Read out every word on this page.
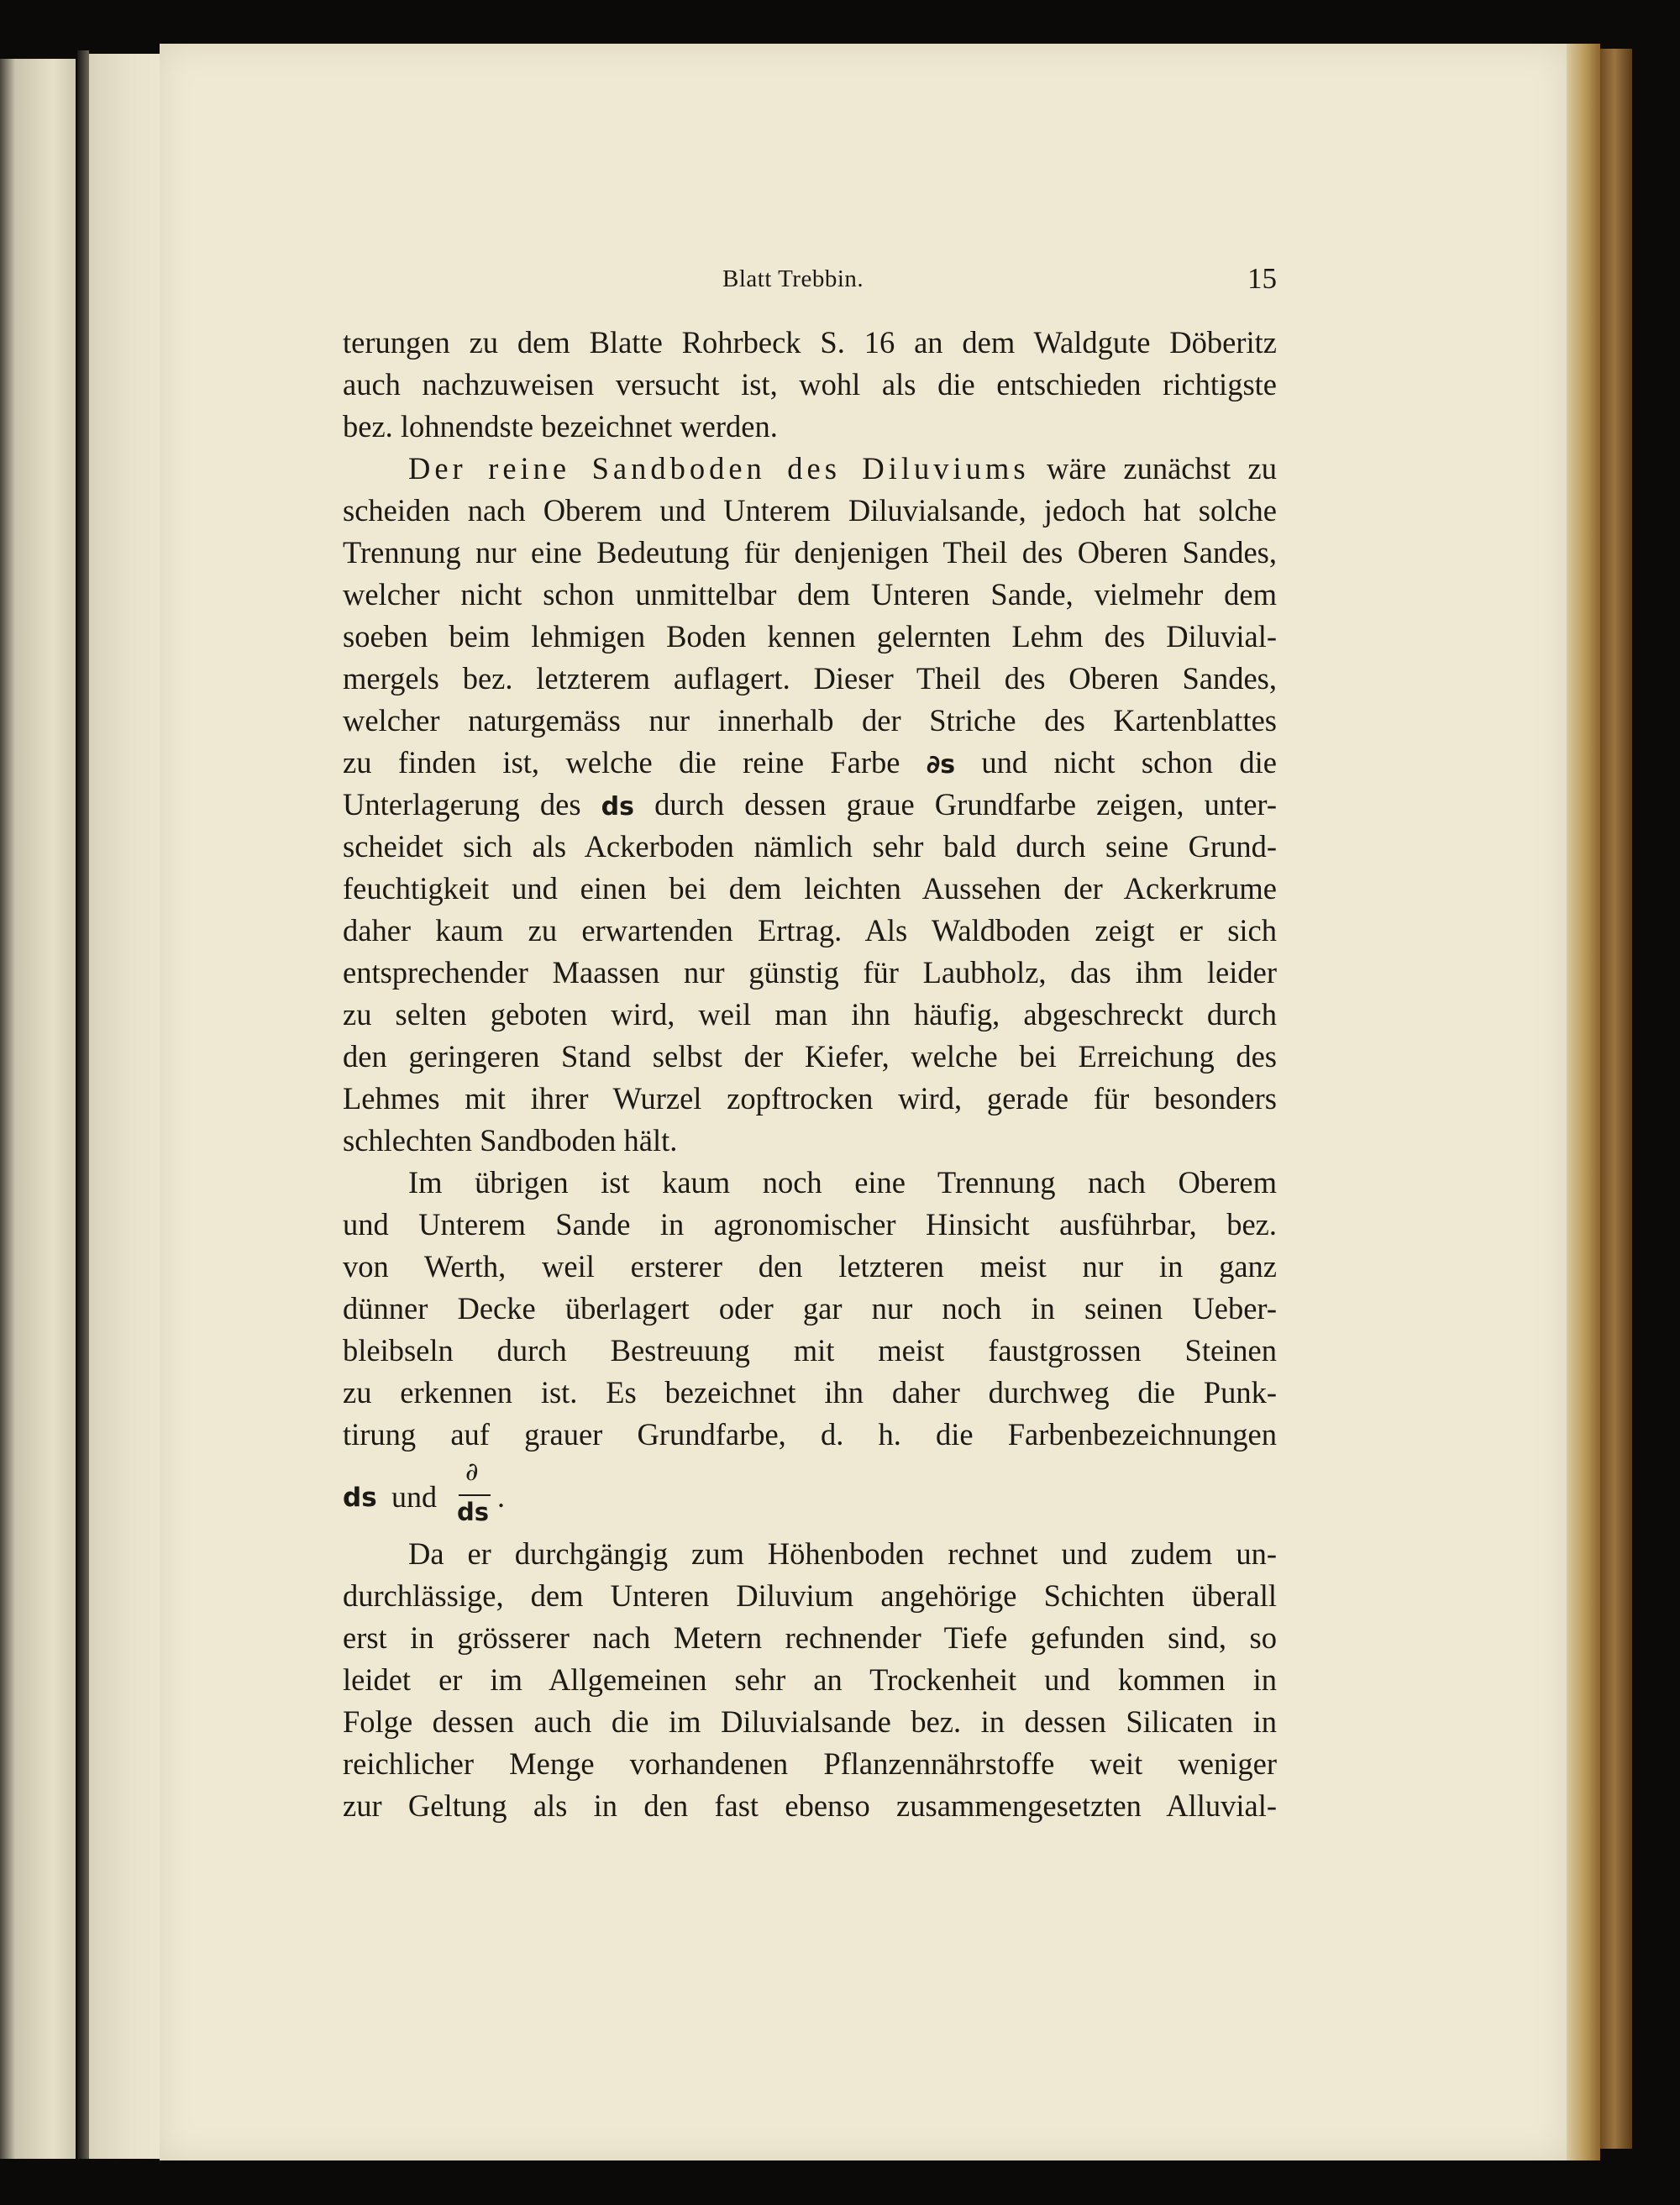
Blatt Trebbin.	15
terungen zu dem Blatte Rohrbeck S. 16 an dem Waldgute Döberitz
auch nachzuweisen versucht ist, wohl als die entschieden richtigste
bez. lohnendste bezeichnet werden.
Der reine Sandboden des Diluviums wäre zunächst zu
scheiden nach Oberem und Unterem Diluvialsande, jedoch hat solche
Trennung nur eine Bedeutung für denjenigen Theil des Oberen Sandes,
welcher nicht schon unmittelbar dem Unteren Sande, vielmehr dem
soeben beim lehmigen Boden kennen gelernten Lehm des Diluvial-
mergels bez. letzterem auflagert. Dieser Theil des Oberen Sandes,
welcher naturgemäss nur innerhalb der Striche des Kartenblattes
zu finden ist, welche die reine Farbe ∂s und nicht schon die
Unterlagerung des ds durch dessen graue Grundfarbe zeigen, unter-
scheidet sich als Ackerboden nämlich sehr bald durch seine Grund-
feuchtigkeit und einen bei dem leichten Aussehen der Ackerkrume
daher kaum zu erwartenden Ertrag. Als Waldboden zeigt er sich
entsprechender Maassen nur günstig für Laubholz, das ihm leider
zu selten geboten wird, weil man ihn häufig, abgeschreckt durch
den geringeren Stand selbst der Kiefer, welche bei Erreichung des
Lehmes mit ihrer Wurzel zopftrocken wird, gerade für besonders
schlechten Sandboden hält.
Im übrigen ist kaum noch eine Trennung nach Oberem
und Unterem Sande in agronomischer Hinsicht ausführbar, bez.
von Werth, weil ersterer den letzteren meist nur in ganz
dünner Decke überlagert oder gar nur noch in seinen Ueber-
bleibseln durch Bestreuung mit meist faustgrossen Steinen
zu erkennen ist. Es bezeichnet ihn daher durchweg die Punk-
tirung auf grauer Grundfarbe, d. h. die Farbenbezeichnungen
ds und
∂
ds .
Da er durchgängig zum Höhenboden rechnet und zudem un-
durchlässige, dem Unteren Diluvium angehörige Schichten überall
erst in grösserer nach Metern rechnender Tiefe gefunden sind, so
leidet er im Allgemeinen sehr an Trockenheit und kommen in
Folge dessen auch die im Diluvialsande bez. in dessen Silicaten in
reichlicher Menge vorhandenen Pflanzennährstoffe weit weniger
zur Geltung als in den fast ebenso zusammengesetzten Alluvial-
